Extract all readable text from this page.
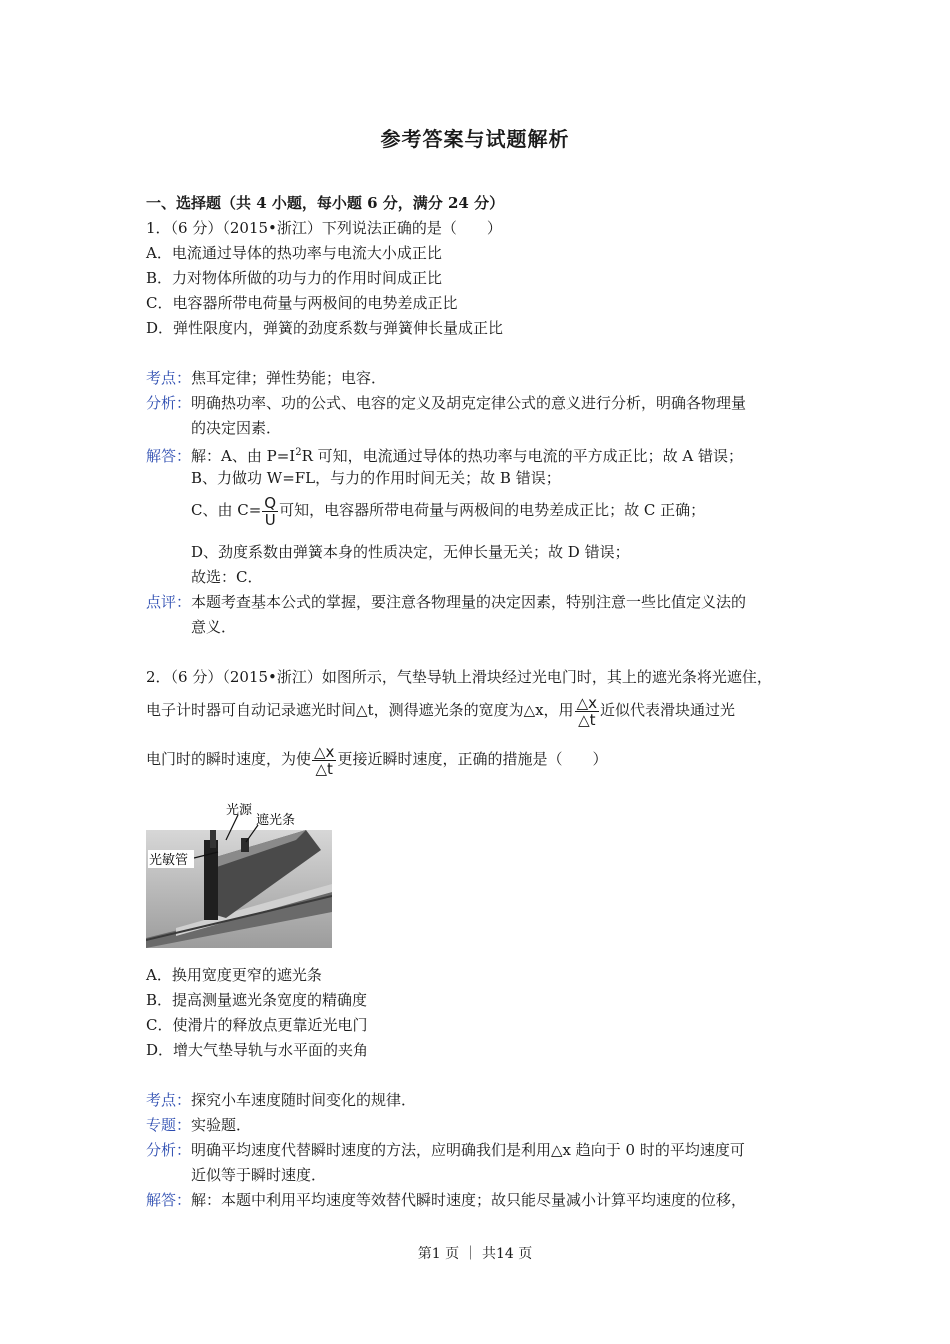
参考答案与试题解析
一、选择题（共 4 小题，每小题 6 分，满分 24 分）
1．（6 分）（2015•浙江）下列说法正确的是（　　）
A．电流通过导体的热功率与电流大小成正比
B．力对物体所做的功与力的作用时间成正比
C．电容器所带电荷量与两极间的电势差成正比
D．弹性限度内，弹簧的劲度系数与弹簧伸长量成正比
考点：焦耳定律；弹性势能；电容．
分析：明确热功率、功的公式、电容的定义及胡克定律公式的意义进行分析，明确各物理量
的决定因素．
解答：解：A、由 $P=I^2R$ 可知，电流通过导体的热功率与电流的平方成正比；故 A 错误；
B、力做功 W=FL，与力的作用时间无关；故 B 错误；
C、由 $C= \frac{Q}{U}$ 可知，电容器所带电荷量与两极间的电势差成正比；故 C 正确；
D、劲度系数由弹簧本身的性质决定，无伸长量无关；故 D 错误；
故选：C．
点评：本题考查基本公式的掌握，要注意各物理量的决定因素，特别注意一些比值定义法的
意义．
2．（6 分）（2015•浙江）如图所示，气垫导轨上滑块经过光电门时，其上的遮光条将光遮住，
电子计时器可自动记录遮光时间△t，测得遮光条的宽度为△x，用 $\frac{\triangle x}{\triangle t}$ 近似代表滑块通过光
电门时的瞬时速度，为使 $\frac{\triangle x}{\triangle t}$ 更接近瞬时速度，正确的措施是（　　）
光源
遮光条
光敏管
A．换用宽度更窄的遮光条
B．提高测量遮光条宽度的精确度
C．使滑片的释放点更靠近光电门
D．增大气垫导轨与水平面的夹角
考点：探究小车速度随时间变化的规律．
专题：实验题．
分析：明确平均速度代替瞬时速度的方法，应明确我们是利用△x 趋向于 0 时的平均速度可
近似等于瞬时速度．
解答：解：本题中利用平均速度等效替代瞬时速度；故只能尽量减小计算平均速度的位移，
第1 页 ｜ 共14 页
